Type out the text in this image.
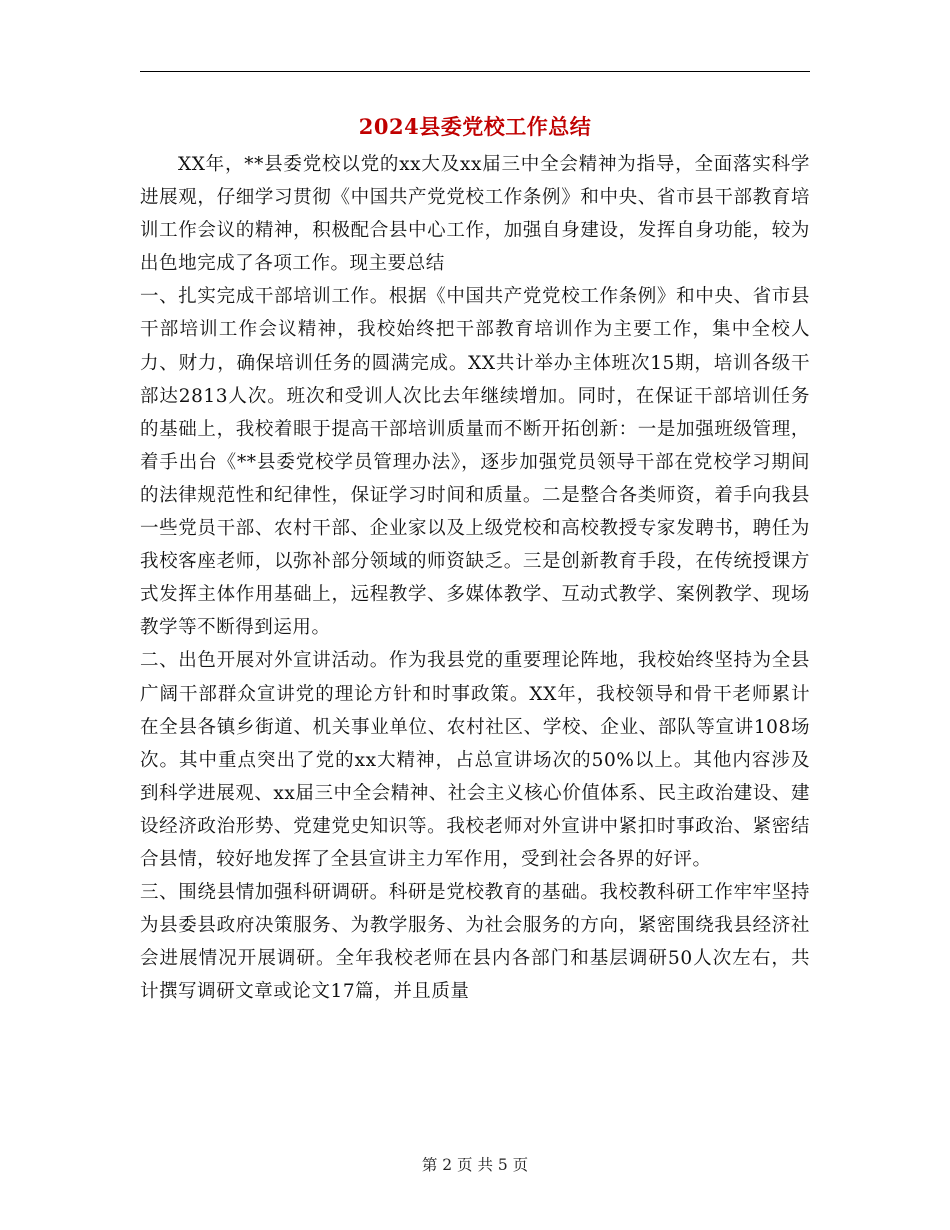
2024县委党校工作总结

XX年，**县委党校以党的xx大及xx届三中全会精神为指导，全面落实科学进展观，仔细学习贯彻《中国共产党党校工作条例》和中央、省市县干部教育培训工作会议的精神，积极配合县中心工作，加强自身建设，发挥自身功能，较为出色地完成了各项工作。现主要总结

一、扎实完成干部培训工作。根据《中国共产党党校工作条例》和中央、省市县干部培训工作会议精神，我校始终把干部教育培训作为主要工作，集中全校人力、财力，确保培训任务的圆满完成。XX共计举办主体班次15期，培训各级干部达2813人次。班次和受训人次比去年继续增加。同时，在保证干部培训任务的基础上，我校着眼于提高干部培训质量而不断开拓创新：一是加强班级管理，着手出台《**县委党校学员管理办法》，逐步加强党员领导干部在党校学习期间的法律规范性和纪律性，保证学习时间和质量。二是整合各类师资，着手向我县一些党员干部、农村干部、企业家以及上级党校和高校教授专家发聘书，聘任为我校客座老师，以弥补部分领域的师资缺乏。三是创新教育手段，在传统授课方式发挥主体作用基础上，远程教学、多媒体教学、互动式教学、案例教学、现场教学等不断得到运用。

二、出色开展对外宣讲活动。作为我县党的重要理论阵地，我校始终坚持为全县广阔干部群众宣讲党的理论方针和时事政策。XX年，我校领导和骨干老师累计在全县各镇乡街道、机关事业单位、农村社区、学校、企业、部队等宣讲108场次。其中重点突出了党的xx大精神，占总宣讲场次的50%以上。其他内容涉及到科学进展观、xx届三中全会精神、社会主义核心价值体系、民主政治建设、建设经济政治形势、党建党史知识等。我校老师对外宣讲中紧扣时事政治、紧密结合县情，较好地发挥了全县宣讲主力军作用，受到社会各界的好评。

三、围绕县情加强科研调研。科研是党校教育的基础。我校教科研工作牢牢坚持为县委县政府决策服务、为教学服务、为社会服务的方向，紧密围绕我县经济社会进展情况开展调研。全年我校老师在县内各部门和基层调研50人次左右，共计撰写调研文章或论文17篇，并且质量

第 2 页 共 5 页
